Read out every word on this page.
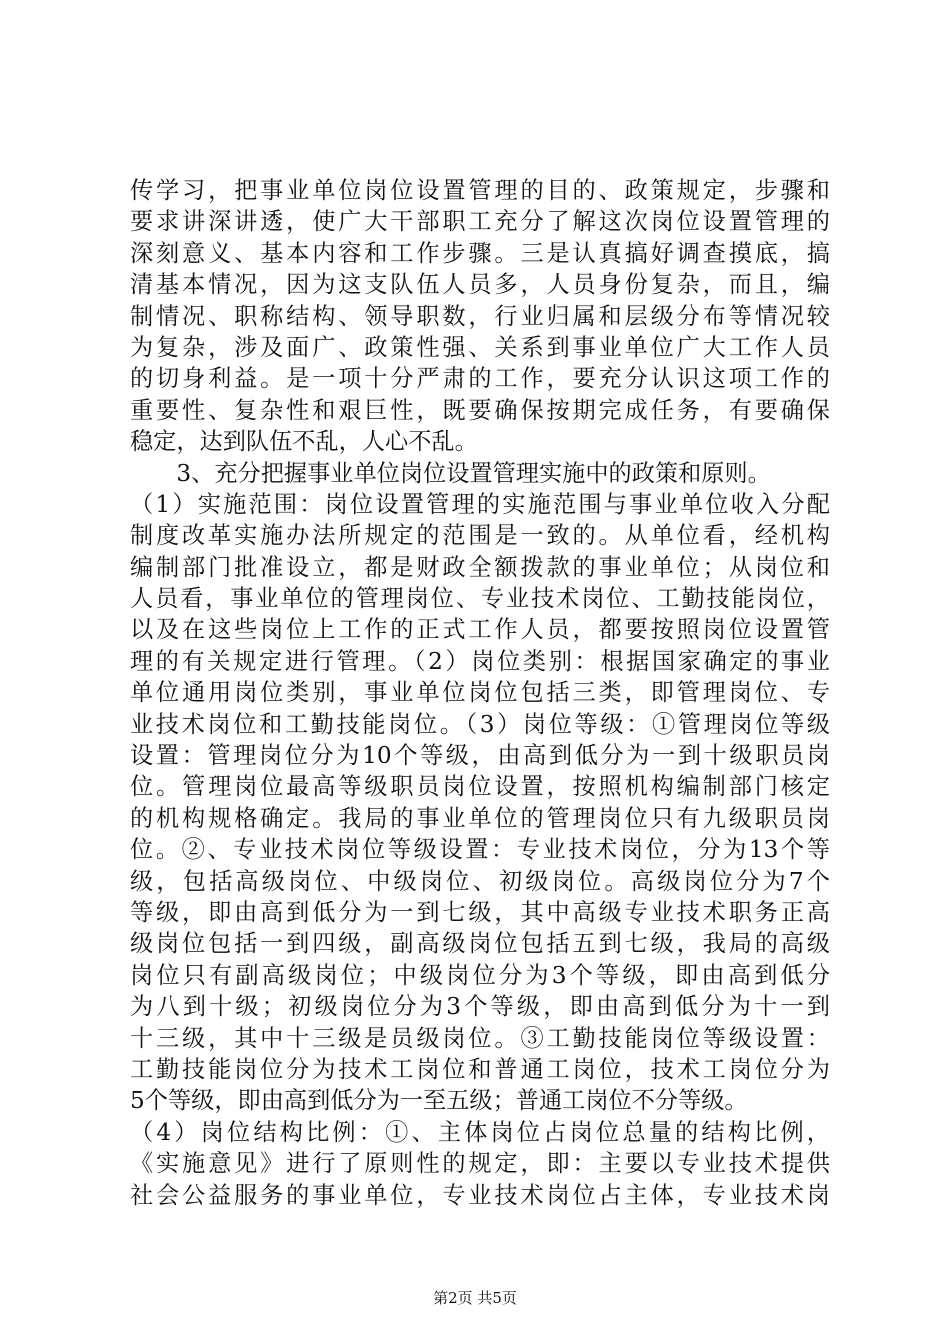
传学习，把事业单位岗位设置管理的目的、政策规定，步骤和
要求讲深讲透，使广大干部职工充分了解这次岗位设置管理的
深刻意义、基本内容和工作步骤。三是认真搞好调查摸底，搞
清基本情况，因为这支队伍人员多，人员身份复杂，而且，编
制情况、职称结构、领导职数，行业归属和层级分布等情况较
为复杂，涉及面广、政策性强、关系到事业单位广大工作人员
的切身利益。是一项十分严肃的工作，要充分认识这项工作的
重要性、复杂性和艰巨性，既要确保按期完成任务，有要确保
稳定，达到队伍不乱，人心不乱。
　　3、充分把握事业单位岗位设置管理实施中的政策和原则。
（1）实施范围：岗位设置管理的实施范围与事业单位收入分配
制度改革实施办法所规定的范围是一致的。从单位看，经机构
编制部门批准设立，都是财政全额拨款的事业单位；从岗位和
人员看，事业单位的管理岗位、专业技术岗位、工勤技能岗位，
以及在这些岗位上工作的正式工作人员，都要按照岗位设置管
理的有关规定进行管理。（2）岗位类别：根据国家确定的事业
单位通用岗位类别，事业单位岗位包括三类，即管理岗位、专
业技术岗位和工勤技能岗位。（3）岗位等级：①管理岗位等级
设置：管理岗位分为10个等级，由高到低分为一到十级职员岗
位。管理岗位最高等级职员岗位设置，按照机构编制部门核定
的机构规格确定。我局的事业单位的管理岗位只有九级职员岗
位。②、专业技术岗位等级设置：专业技术岗位，分为13个等
级，包括高级岗位、中级岗位、初级岗位。高级岗位分为7个
等级，即由高到低分为一到七级，其中高级专业技术职务正高
级岗位包括一到四级，副高级岗位包括五到七级，我局的高级
岗位只有副高级岗位；中级岗位分为3个等级，即由高到低分
为八到十级；初级岗位分为3个等级，即由高到低分为十一到
十三级，其中十三级是员级岗位。③工勤技能岗位等级设置：
工勤技能岗位分为技术工岗位和普通工岗位，技术工岗位分为
5个等级，即由高到低分为一至五级；普通工岗位不分等级。
（4）岗位结构比例：①、主体岗位占岗位总量的结构比例，
《实施意见》进行了原则性的规定，即：主要以专业技术提供
社会公益服务的事业单位，专业技术岗位占主体，专业技术岗
第2页 共5页
